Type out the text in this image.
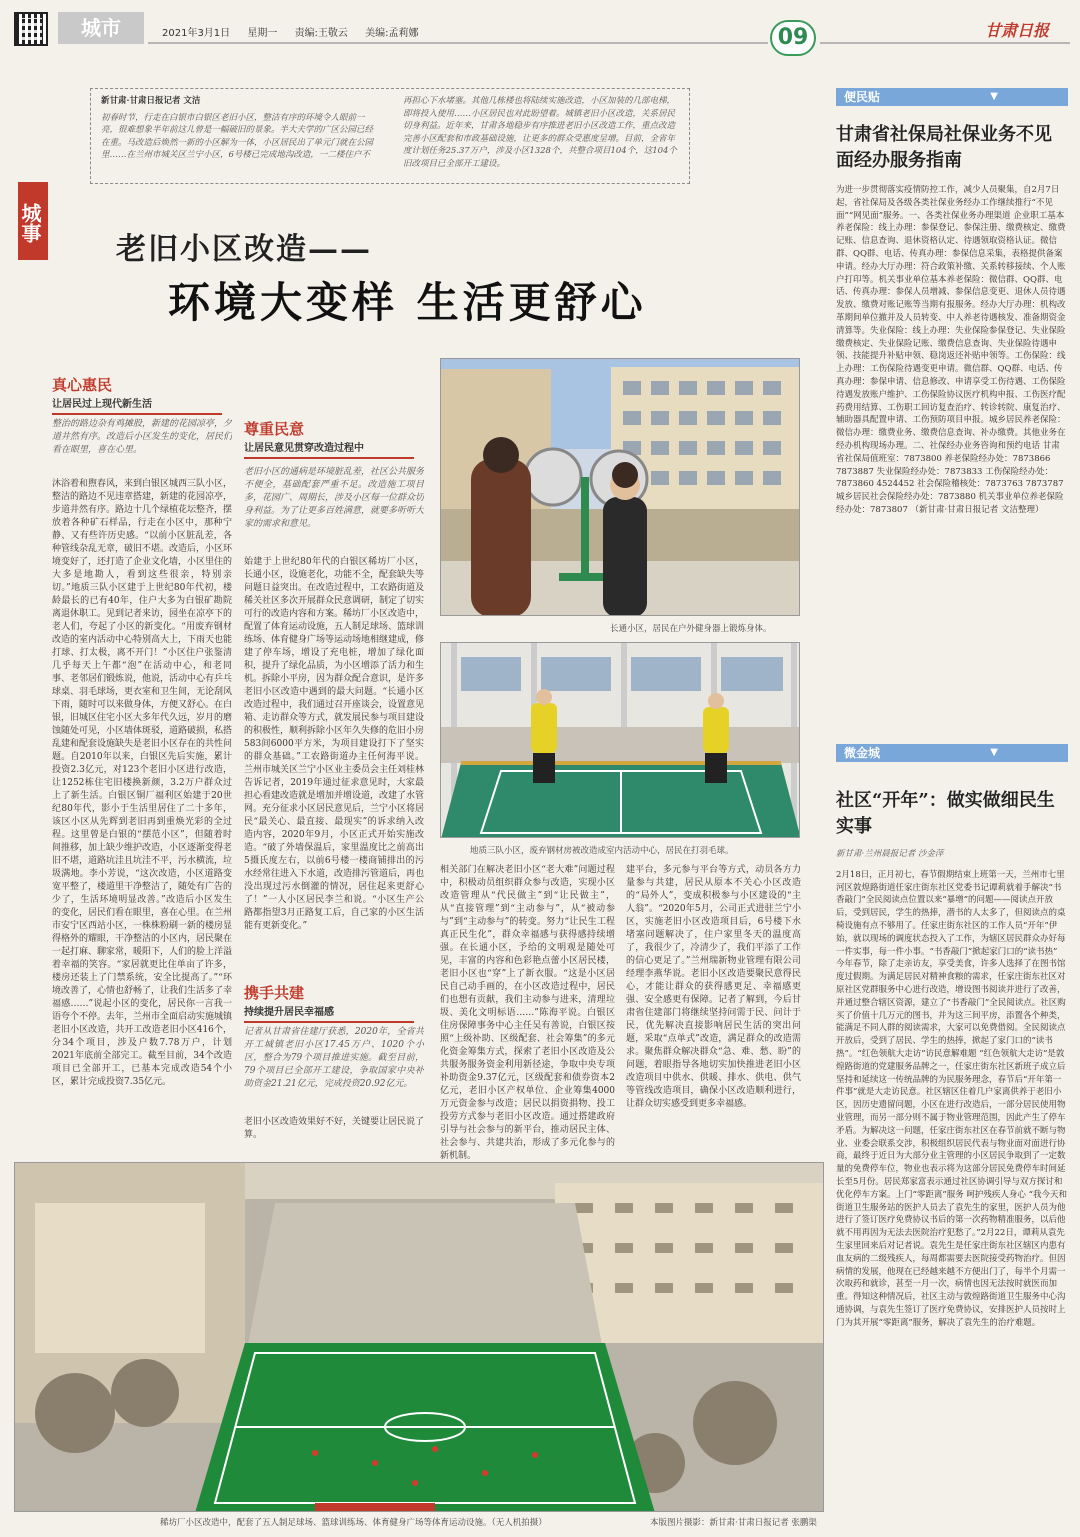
城市	2021年3月1日 星期一 责编:王敬云 美编:孟莉娜	09	甘肃日报
城事
新甘肃·甘肃日报记者 文洁
初春时节，行走在白银市白银区老旧小区，整洁有序的环境令人眼前一亮，很难想象半年前这儿曾是一幅破旧的景象。半大夫学的广区公园已经在重。马改造后焕然一新的小区解为一体，小区居民出了单元门就在公园里……在兰州市城关区兰宁小区，6号楼已完成地沟改造，一二楼住户不
再担心下水堵塞。其他几栋楼也将陆续实施改造，小区加装的几部电梯，即将投入使用……小区居民也对此盼望着。城镇老旧小区改造，关系居民切身利益。近年来，甘肃各地稳步有序推进老旧小区改造工作，重点改造完善小区配套和市政基础设施，让更多的群众受惠度呈增。目前，全省年度计划任务25.37万户，涉及小区1328个，共整合项目104个，这104个旧改项目已全部开工建设。
老旧小区改造——
环境大变样 生活更舒心
真心惠民
让居民过上现代新生活
整治的路边杂有鸡摊股，新建的花园凉亭，夕道井然有序。改造后小区发生的变化，居民们看在眼里，喜在心里。
沐浴着和煦春风，来到白银区城西三队小区，整洁的路边不见违章搭建，新建的花园凉亭，步道井然有序。路边十几个绿植花坛整齐，摆放着各种矿石样品，行走在小区中，那种宁静、又有些许历史感。“以前小区脏乱差，各种管线杂乱无章，破旧不堪。改造后，小区环境变好了，还打造了企业文化墙，小区里住的大多是地勘人，看到这些很亲，特别亲切。”地质三队小区建于上世纪80年代初，楼龄最长的已有40年，住户大多为白银矿勘院离退休职工。见到记者来访，园坐在凉亭下的老人们，夸起了小区的新变化。“用废弃钢材改造的室内活动中心特别高大上，下雨天也能打球、打太极，离不开门！”小区住户张鉴清几乎每天上午都“泡”在活动中心，和老同事、老邻居们锻炼说，他说，活动中心有乒乓球桌、羽毛球场，更衣室和卫生间，无论刮风下雨，随时可以来做身体，方便又舒心。在白银，旧城区住宅小区大多年代久远，岁月的磨蚀随处可见，小区墙体斑驳，道路破损，私搭乱建和配套设施缺失是老旧小区存在的共性问题。自2010年以来，白银区先后实施，累计投资2.3亿元，对123个老旧小区进行改造，让1252栋住宅旧楼换新颜，3.2万户群众过上了新生活。白银区铜厂福利区始建于20世纪80年代，影小于生活里居住了二十多年，该区小区从先辉到老旧再到重焕光彩的全过程。这里曾是白银的“摆范小区”，但随着时间推移，加上缺少维护改造，小区逐渐变得老旧不堪，道路坑洼且坑洼不平，污水横流，垃圾满地。李小芳说，“这次改造，小区道路变宽平整了，楼道里干净整洁了，随处有广告的少了，生活环境明显改善。”改造后小区发生的变化，居民们看在眼里，喜在心里。在兰州市安宁区西站小区，一株株粉刷一新的楼房显得格外的耀眼，干净整洁的小区内，居民聚在一起打麻、聊家常，暖阳下，人们的脸上洋溢着幸福的笑容。“家居就更比住单亩了许多，楼房还装上了门禁系统，安全比提高了。”“环境改善了，心情也舒畅了，让我们生活多了幸福感……”说起小区的变化，居民你一言我一语夸个不停。去年，兰州市全面启动实施城镇老旧小区改造，共开工改造老旧小区416个，分34个项目，涉及户数7.78万户，计划2021年底前全部完工。截至目前，34个改造项目已全部开工，已基本完成改造54个小区，累计完成投资7.35亿元。
尊重民意
让居民意见贯穿改造过程中
老旧小区的通病是环境脏乱差，社区公共服务不便全，基础配套严重不足。改造施工项目多，花园广、周期长，涉及小区每一位群众切身利益。为了让更多百姓满意，就要多听听大家的需求和意见。
始建于上世纪80年代的白银区稀坊厂小区，长通小区，设施老化，功能不全，配套缺失等问题日益突出。在改造过程中，工农路街道及稀关社区多次开展群众民意调研，制定了切实可行的改造内容和方案。稀坊厂小区改造中，配置了体育运动设施，五人制足球场、篮球训练场、体育健身广场等运动场地相继建成，修建了停车场，增设了充电桩，增加了绿化面积，提升了绿化品质，为小区增添了活力和生机。拆除小平房，因为群众配合意识，是许多老旧小区改造中遇到的最大问题。“长通小区改造过程中，我们通过召开座谈会，设置意见箱、走访群众等方式，就发展民参与项目建设的积极性，顺利拆除小区年久失修的危旧小房583间6000平方米，为项目建设打下了坚实的群众基础。”工农路街道办主任何海平说。兰州市城关区兰宁小区业主委员会主任刘桂林告诉记者，2019年通过征求意见时，大家最担心看建改造就是增加并增设道，改建了水管网。充分征求小区居民意见后，兰宁小区将居民“最关心、最直接、最现实”的诉求纳入改造内容，2020年9月，小区正式开始实施改造。“破了外墙保温后，家里温度比之前高出5摄氏度左右，以前6号楼一楼商铺排出的污水经常往进入下水道，改造排污管道后，再也没出现过污水倒灌的情况，居住起来更舒心了！”一人小区居民李兰和说。“小区生产公路都指望3月正路复工后，自己家的小区生活能有更新变化。”
携手共建
持续提升居民幸福感
记者从甘肃省住建厅获悉，2020年，全省共开工城镇老旧小区17.45万户、1020个小区，整合为79个项目推进实施。截至目前，79个项目已全部开工建设，争取国家中央补助资金21.21亿元，完成投资20.92亿元。
老旧小区改造效果好不好，关键要让居民说了算。
长通小区，居民在户外健身器上锻炼身体。
地质三队小区，废弃钢材房被改造成室内活动中心，居民在打羽毛球。
相关部门在解决老旧小区“老大难”问题过程中，积极动员组织群众参与改造，实现小区改造管理从“代民做主”到“让民做主”，从“直接管理”到“主动参与”，从“被动参与”到“主动参与”的转变。努力“让民生工程真正民生化”，群众幸福感与获得感持续增强。在长通小区，予给的文明观是随处可见，丰富的内容和色彩艳点蕾小区居民楼，老旧小区也“穿”上了新衣服。“这是小区居民自己动手画的，在小区改造过程中，居民们也想有贡献，我们主动参与进来，清理垃圾、美化文明标语……”陈海平说。白银区住房保障事务中心主任吴有善说，白银区按照“上级补助、区级配套、社会筹集”的多元化资金筹集方式，探索了老旧小区改造及公共服务服务资金利用新径途，争取中央专项补助资金9.37亿元，区级配套和债券资本2亿元，老旧小区产权单位、企业筹集4000万元资金参与改造；居民以捐资捐物、投工投劳方式参与老旧小区改造。通过搭建政府引导与社会参与的新平台，推动居民主体、社会参与、共建共治，形成了多元化参与的新机制。
建平台，多元参与平台等方式，动员各方力量参与共建，居民从原本不关心小区改造的“局外人”，变成积极参与小区建设的“主人翁”。“2020年5月，公司正式进驻兰宁小区，实施老旧小区改造项目后，6号楼下水堵塞问题解决了，住户家里冬天的温度高了，我很少了，冷清少了，我们平添了工作的信心更足了。”兰州瑞新物业管理有限公司经理李燕华说。老旧小区改造要聚民意得民心，才能让群众的获得感更足、幸福感更强、安全感更有保障。记者了解到，今后甘肃省住建部门将继续坚持问需于民、问计于民，优先解决直接影响居民生活的突出问题，采取“点单式”改造，满足群众的改造需求。聚焦群众解决群众“急、难、愁、盼”的问题，着眼指导各地切实加快推进老旧小区改造项目中供水、供暖、排水、供电、供气等管线改造项目，确保小区改造顺利进行，让群众切实感受到更多幸福感。
稀坊厂小区改造中，配套了五人制足球场、篮球训练场、体育健身广场等体育运动设施。（无人机拍摄）	本版图片摄影：新甘肃·甘肃日报记者 张鹏渠
便民贴	▼
甘肃省社保局社保业务不见面经办服务指南
为进一步贯彻落实疫情防控工作，减少人员聚集，自2月7日起，省社保局及各级各类社保业务经办工作继续推行“不见面”“网见面”服务。一、各类社保业务办理渠道 企业职工基本养老保险：线上办理：参保登记、参保注册、缴费核定、缴费记账、信息查询、退休资格认定、待遇领取资格认证。微信群、QQ群、电话、传真办理：参保信息采集，表格提供备案申请。经办大厅办理：符合政策补缴、关系转移接续、个人账户打印等。机关事业单位基本养老保险：微信群、QQ群、电话、传真办理：参保人员增减、参保信息变更、退休人员待遇发放、缴费对账记账等当期有报服务。经办大厅办理：机构改革期间单位撤并及人员转变、中人养老待遇核发、准备期资金清算等。失业保险：线上办理：失业保险参保登记、失业保险缴费核定、失业保险记账、缴费信息查询、失业保险待遇申领、技能提升补贴申领、稳岗返还补贴申领等。工伤保险：线上办理：工伤保险待遇变更申请。微信群、QQ群、电话、传真办理：参保申请、信息修改、申请享受工伤待遇、工伤保险待遇发放账户维护、工伤保险协议医疗机构申报、工伤医疗配药费用结算、工伤职工回访复查治疗、转诊转院、康复治疗、辅助器具配置申请、工伤预防项目申报。城乡居民养老保险：微信办理：缴费业务、缴费信息查询、补办缴费。其他业务在经办机构现场办理。二、社保经办业务咨询和预约电话 甘肃省社保局值班室：7873800 养老保险经办处：7873866 7873887 失业保险经办处：7873833 工伤保险经办处：7873860 4524452 社会保险稽核处：7873763 7873787 城乡居民社会保险经办处：7873880 机关事业单位养老保险经办处：7873807 （新甘肃·甘肃日报记者 文洁整理）
微金城	▼
社区“开年”：做实做细民生实事
新甘肃·兰州晨报记者 沙金萍
2月18日，正月初七，春节假期结束上班第一天，兰州市七里河区敦煌路街道任家庄街东社区党委书记谭莉就着手解决“书香敲门”全民阅读点位置以来“暴增”的问题——阅读点开放后，受到居民，学生的热捧，潜书的人太多了，但阅读点的桌椅设施有点不够用了。任家庄街东社区的工作人员“开年”伊始，就以现场的调度状态投入了工作，为辖区居民群众办好每一件实事，每一件小事。“书香敲门”掀起家门口的“读书热” 今年春节，除了走亲访友，享受美食，许多人选择了在图书馆度过假期。为满足居民对精神食粮的需求，任家庄街东社区对原社区党群服务中心进行改造，增设图书阅读并进行了改善，并通过整合辖区资源，建立了“书香敲门”全民阅读点。社区购买了价值十几万元的图书，并为这三间平房，添置各个种类，能满足不同人群的阅读需求，大家可以免费借阅。全民阅读点开放后，受到了居民、学生的热捧，掀起了家门口的“读书热”。“红色领航大走访”访民意解难题 “红色领航大走访”是敦煌路街道的党建服务品牌之一，任家庄街东社区新班子成立后坚持和延续这一传统品牌的为民服务理念，春节后“开年第一件事”就是大走访民意。社区辖区住着几户家离供养于老旧小区，因历史遗留问题，小区在进行改造后，一部分居民使用物业管理，而另一部分则不属于物业管理范围，因此产生了停车矛盾。为解决这一问题，任家庄街东社区在春节前就不断与物业、业委会联系交涉，积极组织居民代表与物业面对面进行协商，最终于近日为大部分业主管理的小区居民争取到了一定数量的免费停车位，物业也表示将为这部分居民免费停车时间延长至5月份。居民郑家富表示通过社区协调引导与双方探讨和优化停车方案。上门“零距离”服务 呵护残疾人身心 “我今天和街道卫生服务站的医护人员去了袁先生的家里，医护人员为他进行了签订医疗免费协议书后的第一次药物精准服务，以后他就不用再因为无法去医院治疗犯愁了。”2月22日，谭莉从袁先生家里回来后对记者说。袁先生是任家庄街东社区辖区内患有血友病的二级残疾人，每周都需要去医院接受药物治疗。但因病情的发展，他现在已经越来越不方便出门了，每半个月需一次取药和就诊，甚至一月一次，病情也因无法按时就医而加重。得知这种情况后，社区主动与敦煌路街道卫生服务中心沟通协调，与袁先生签订了医疗免费协议，安排医护人员按时上门为其开展“零距离”服务，解决了袁先生的治疗难题。
